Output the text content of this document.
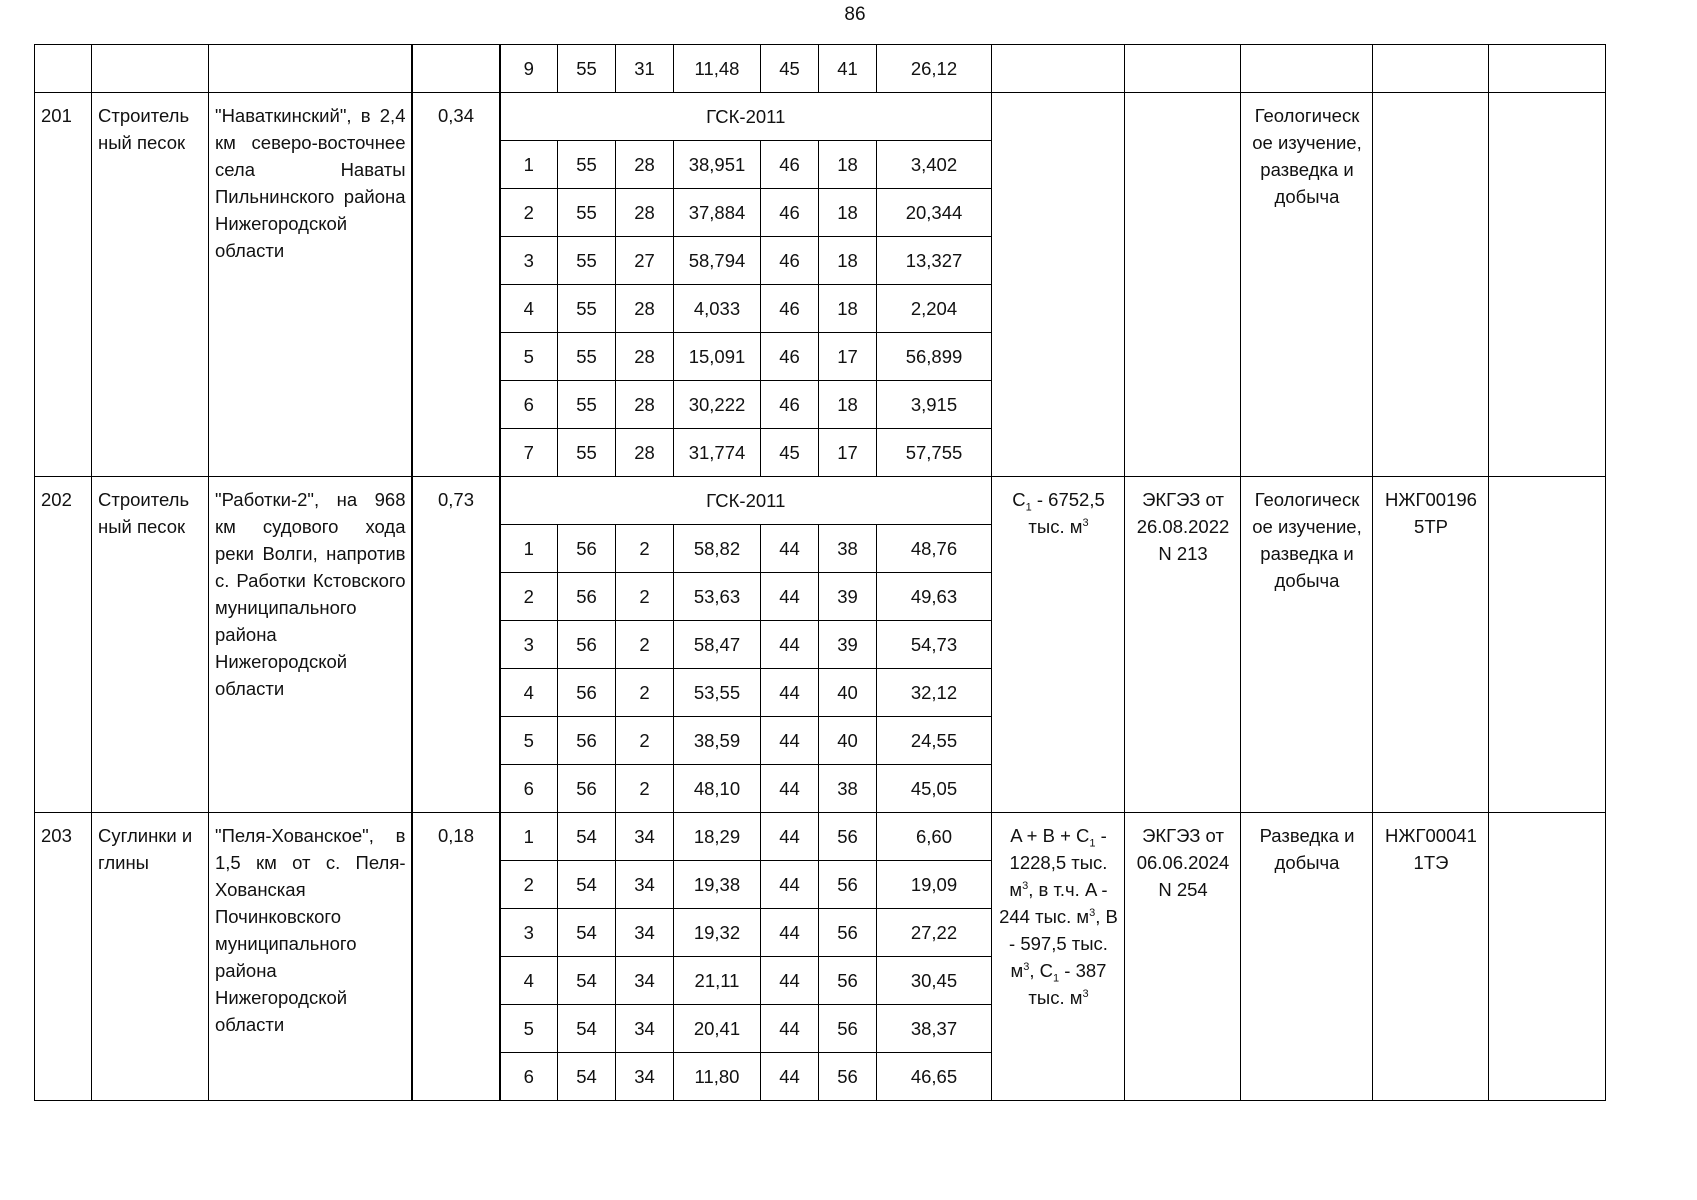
86
				9	55	31	11,48	45	41	26,12					
201	Строитель ный песок	"Наваткинский", в 2,4 км северо-восточнее села Наваты Пильнинского района Нижегородской области	0,34	ГСК-2011									Геологическ ое изучение, разведка и добыча		
				1	55	28	38,951	46	18	3,402					
				2	55	28	37,884	46	18	20,344					
				3	55	27	58,794	46	18	13,327					
				4	55	28	4,033	46	18	2,204					
				5	55	28	15,091	46	17	56,899					
				6	55	28	30,222	46	18	3,915					
				7	55	28	31,774	45	17	57,755					
202	Строитель ный песок	"Работки-2", на 968 км судового хода реки Волги, напротив с. Работки Кстовского муниципального района Нижегородской области	0,73	ГСК-2011							$C_1 - 6752,5$ тыс. $м^3$	ЭКГЭЗ от 26.08.2022 N 213	Геологическ ое изучение, разведка и добыча	НЖГ00196 5ТР	
				1	56	2	58,82	44	38	48,76					
				2	56	2	53,63	44	39	49,63					
				3	56	2	58,47	44	39	54,73					
				4	56	2	53,55	44	40	32,12					
				5	56	2	38,59	44	40	24,55					
				6	56	2	48,10	44	38	45,05					
203	Суглинки и глины	"Пеля-Хованское", в 1,5 км от с. Пеля-Хованская Починковского муниципального района Нижегородской области	0,18	1	54	34	18,29	44	56	6,60	$A + B + C_1 - 1228,5$ тыс. $м^3$, в т.ч. A - 244 тыс. $м^3$, B - 597,5 тыс. $м^3$, $C_1 - 387$ тыс. $м^3$	ЭКГЭЗ от 06.06.2024 N 254	Разведка и добыча	НЖГ00041 1ТЭ	
				2	54	34	19,38	44	56	19,09					
				3	54	34	19,32	44	56	27,22					
				4	54	34	21,11	44	56	30,45					
				5	54	34	20,41	44	56	38,37					
				6	54	34	11,80	44	56	46,65					
